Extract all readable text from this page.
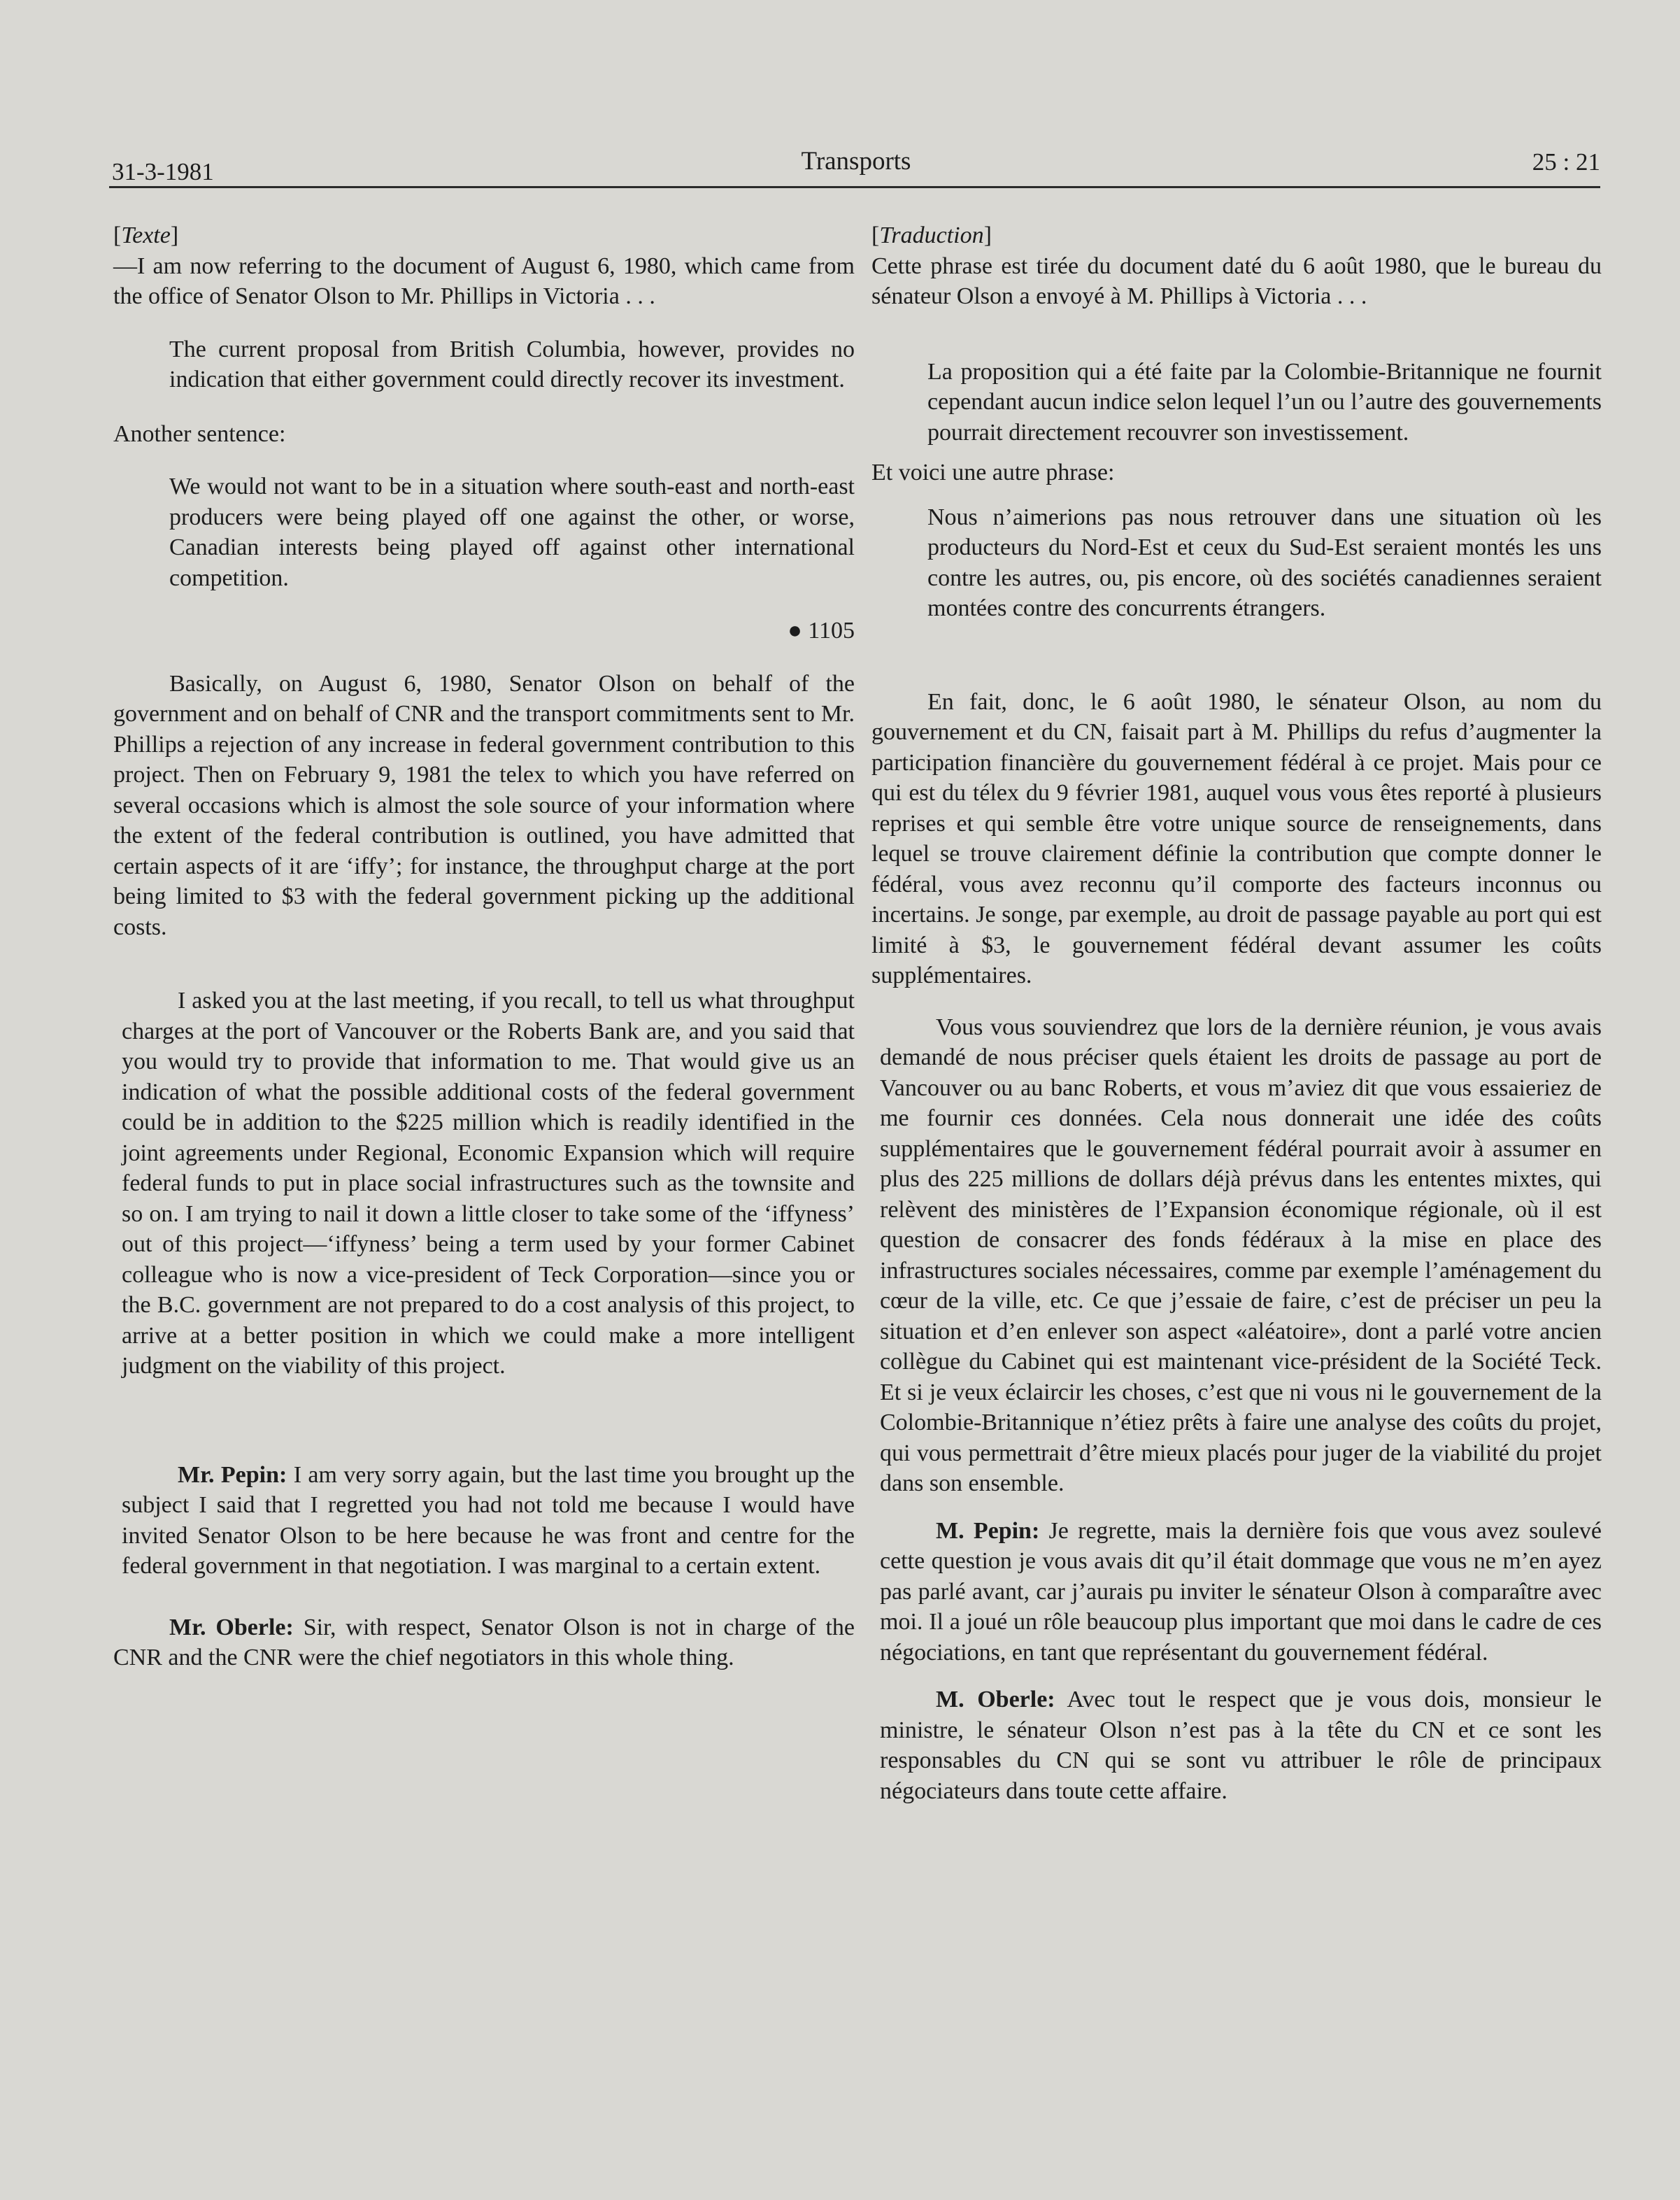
31-3-1981	Transports	25 : 21

[Texte]

—I am now referring to the document of August 6, 1980, which came from the office of Senator Olson to Mr. Phillips in Victoria . . .

The current proposal from British Columbia, however, provides no indication that either government could directly recover its investment.

Another sentence:

We would not want to be in a situation where south-east and north-east producers were being played off one against the other, or worse, Canadian interests being played off against other international competition.

● 1105

Basically, on August 6, 1980, Senator Olson on behalf of the government and on behalf of CNR and the transport commitments sent to Mr. Phillips a rejection of any increase in federal government contribution to this project. Then on February 9, 1981 the telex to which you have referred on several occasions which is almost the sole source of your information where the extent of the federal contribution is outlined, you have admitted that certain aspects of it are ‘iffy’; for instance, the throughput charge at the port being limited to $3 with the federal government picking up the additional costs.

I asked you at the last meeting, if you recall, to tell us what throughput charges at the port of Vancouver or the Roberts Bank are, and you said that you would try to provide that information to me. That would give us an indication of what the possible additional costs of the federal government could be in addition to the $225 million which is readily identified in the joint agreements under Regional, Economic Expansion which will require federal funds to put in place social infrastructures such as the townsite and so on. I am trying to nail it down a little closer to take some of the ‘iffyness’ out of this project—‘iffyness’ being a term used by your former Cabinet colleague who is now a vice-president of Teck Corporation—since you or the B.C. government are not prepared to do a cost analysis of this project, to arrive at a better position in which we could make a more intelligent judgment on the viability of this project.

Mr. Pepin: I am very sorry again, but the last time you brought up the subject I said that I regretted you had not told me because I would have invited Senator Olson to be here because he was front and centre for the federal government in that negotiation. I was marginal to a certain extent.

Mr. Oberle: Sir, with respect, Senator Olson is not in charge of the CNR and the CNR were the chief negotiators in this whole thing.

[Traduction]

Cette phrase est tirée du document daté du 6 août 1980, que le bureau du sénateur Olson a envoyé à M. Phillips à Victoria . . .

La proposition qui a été faite par la Colombie-Britannique ne fournit cependant aucun indice selon lequel l’un ou l’autre des gouvernements pourrait directement recouvrer son investissement.

Et voici une autre phrase:

Nous n’aimerions pas nous retrouver dans une situation où les producteurs du Nord-Est et ceux du Sud-Est seraient montés les uns contre les autres, ou, pis encore, où des sociétés canadiennes seraient montées contre des concurrents étrangers.

En fait, donc, le 6 août 1980, le sénateur Olson, au nom du gouvernement et du CN, faisait part à M. Phillips du refus d’augmenter la participation financière du gouvernement fédéral à ce projet. Mais pour ce qui est du télex du 9 février 1981, auquel vous vous êtes reporté à plusieurs reprises et qui semble être votre unique source de renseignements, dans lequel se trouve clairement définie la contribution que compte donner le fédéral, vous avez reconnu qu’il comporte des facteurs inconnus ou incertains. Je songe, par exemple, au droit de passage payable au port qui est limité à $3, le gouvernement fédéral devant assumer les coûts supplémentaires.

Vous vous souviendrez que lors de la dernière réunion, je vous avais demandé de nous préciser quels étaient les droits de passage au port de Vancouver ou au banc Roberts, et vous m’aviez dit que vous essaieriez de me fournir ces données. Cela nous donnerait une idée des coûts supplémentaires que le gouvernement fédéral pourrait avoir à assumer en plus des 225 millions de dollars déjà prévus dans les ententes mixtes, qui relèvent des ministères de l’Expansion économique régionale, où il est question de consacrer des fonds fédéraux à la mise en place des infrastructures sociales nécessaires, comme par exemple l’aménagement du cœur de la ville, etc. Ce que j’essaie de faire, c’est de préciser un peu la situation et d’en enlever son aspect «aléatoire», dont a parlé votre ancien collègue du Cabinet qui est maintenant vice-président de la Société Teck. Et si je veux éclaircir les choses, c’est que ni vous ni le gouvernement de la Colombie-Britannique n’étiez prêts à faire une analyse des coûts du projet, qui vous permettrait d’être mieux placés pour juger de la viabilité du projet dans son ensemble.

M. Pepin: Je regrette, mais la dernière fois que vous avez soulevé cette question je vous avais dit qu’il était dommage que vous ne m’en ayez pas parlé avant, car j’aurais pu inviter le sénateur Olson à comparaître avec moi. Il a joué un rôle beaucoup plus important que moi dans le cadre de ces négociations, en tant que représentant du gouvernement fédéral.

M. Oberle: Avec tout le respect que je vous dois, monsieur le ministre, le sénateur Olson n’est pas à la tête du CN et ce sont les responsables du CN qui se sont vu attribuer le rôle de principaux négociateurs dans toute cette affaire.
